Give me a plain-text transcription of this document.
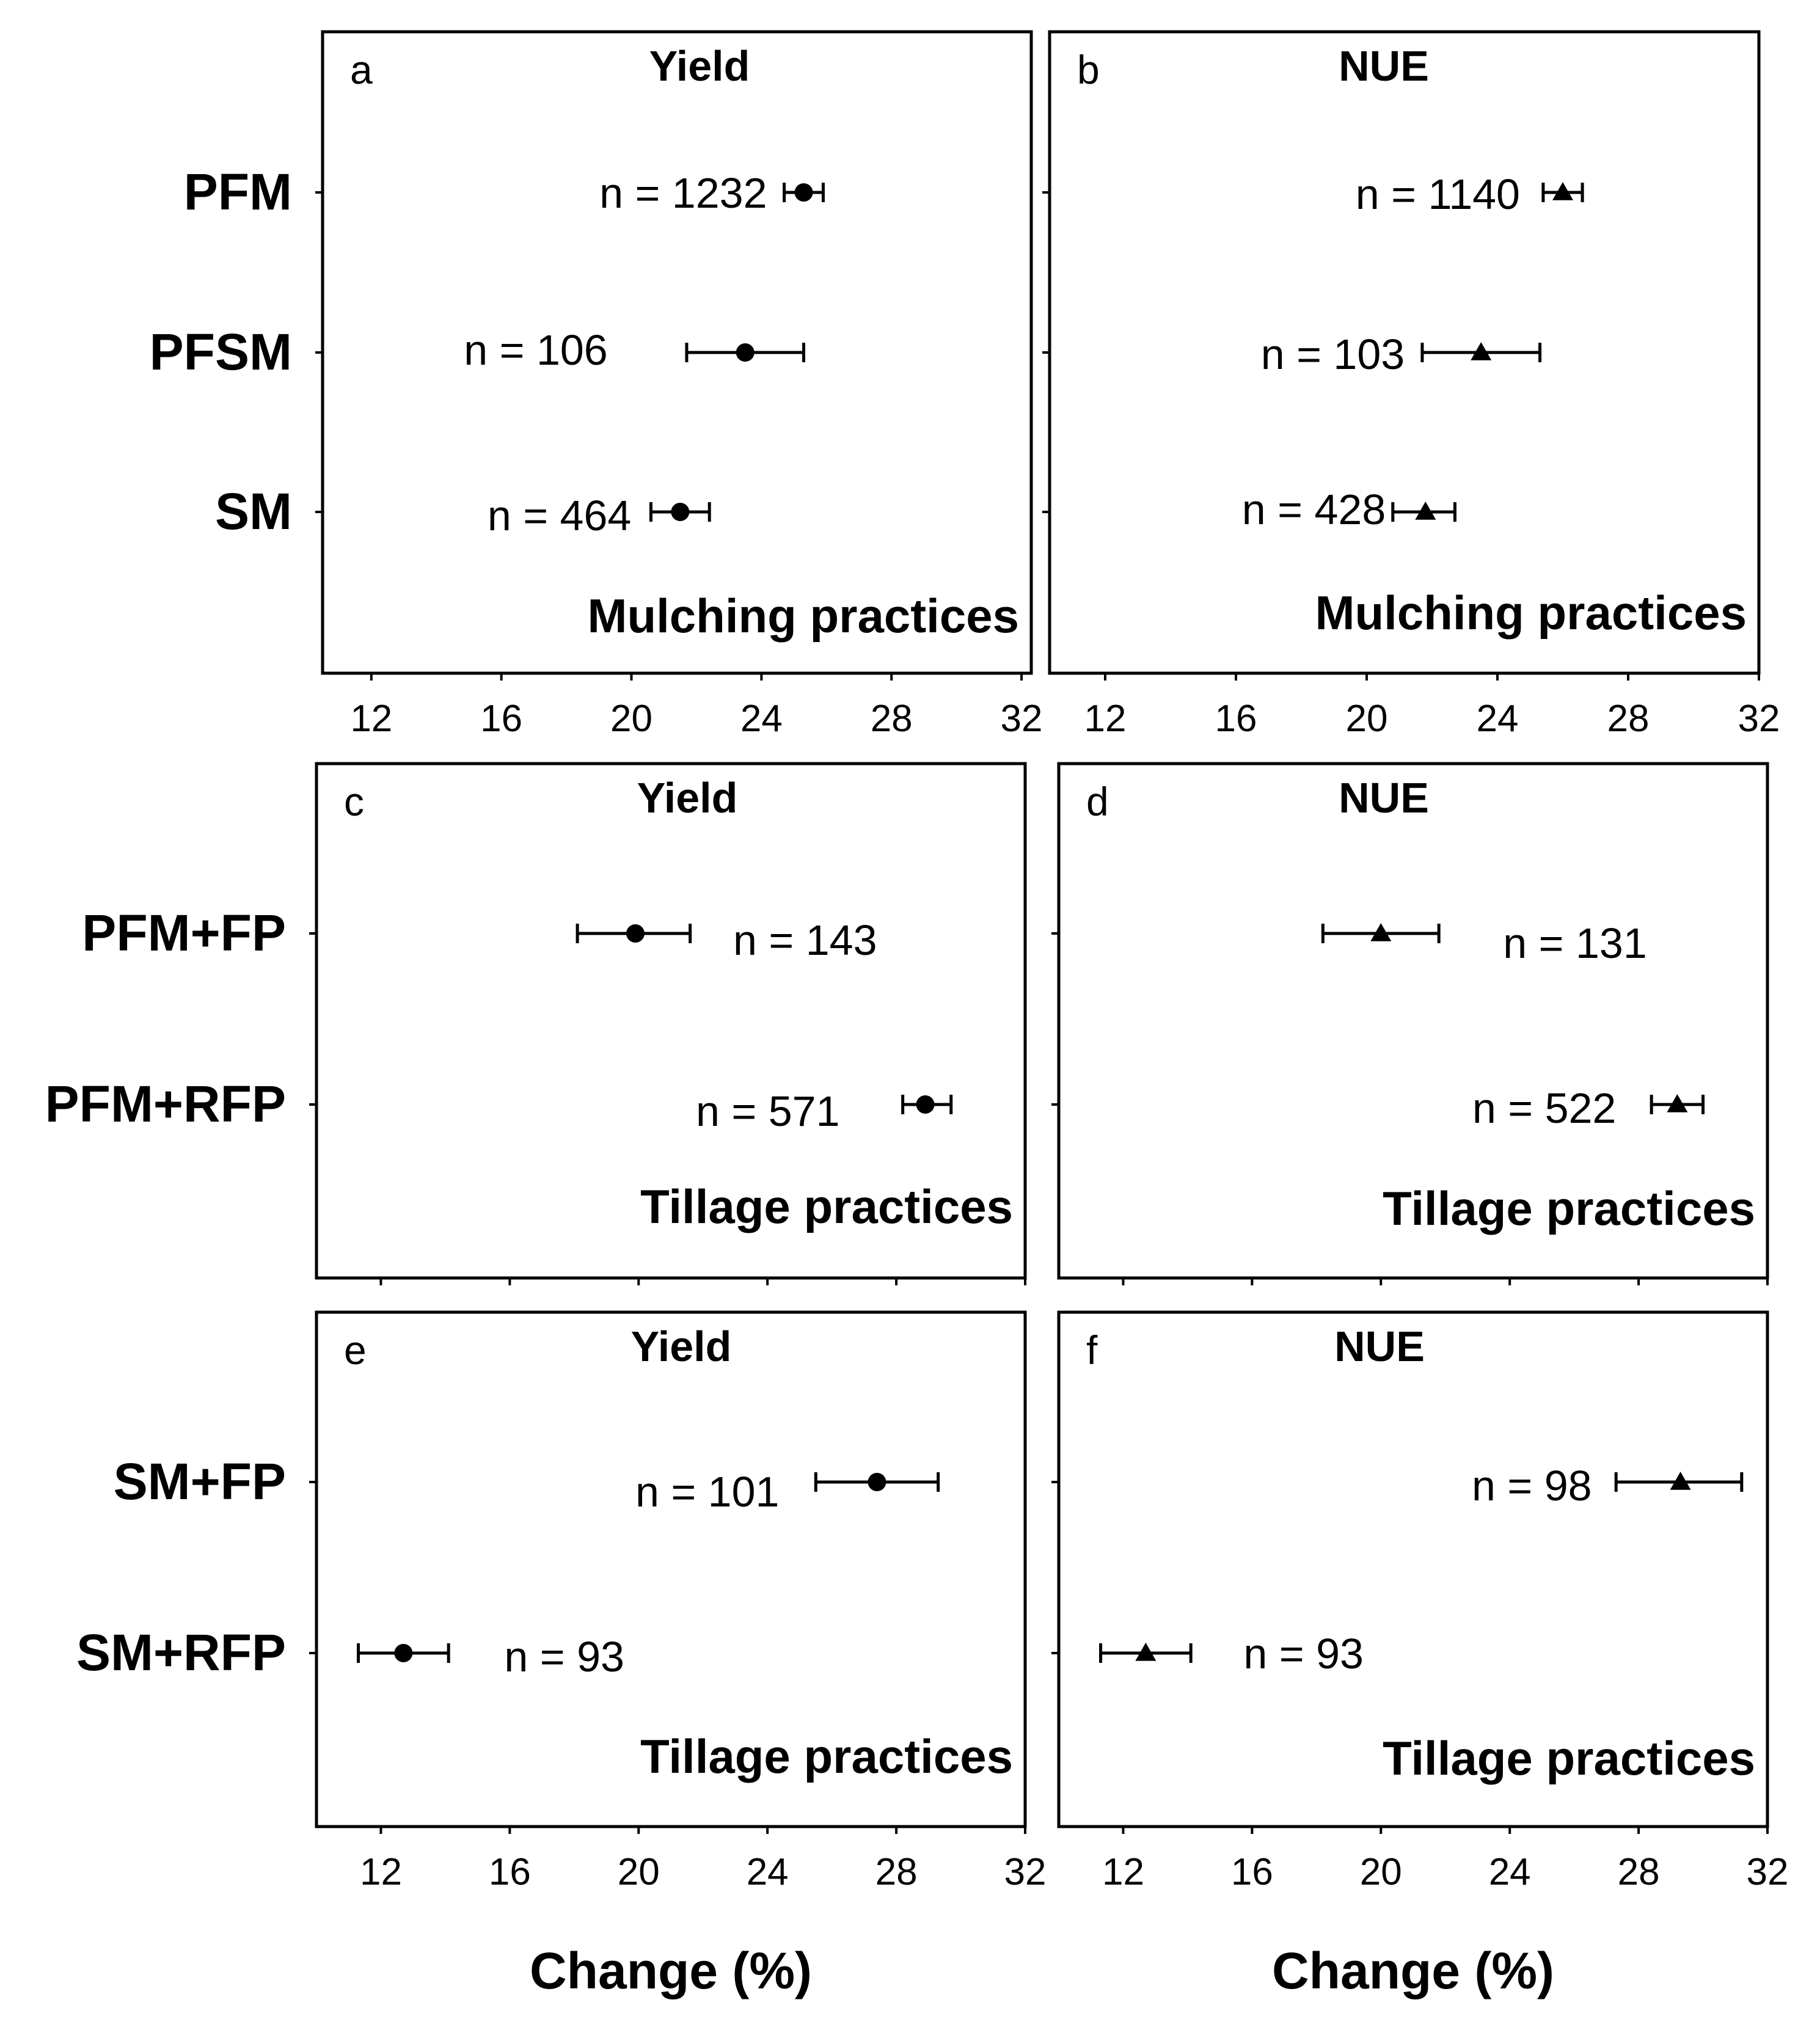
12 16 20 24 28 32
PFM
PFSM
SM
a	Yield
Mulching practices
n = 1232
n = 106
n = 464
12 16 20 24 28 32
b	NUE
Mulching practices
n = 1140
n = 103
n = 428
PFM+FP
PFM+RFP
c	Yield
Tillage practices
n = 143
n = 571
d	NUE
Tillage practices
n = 131
n = 522
12 16 20 24 28 32
SM+FP
SM+RFP
e	Yield
Tillage practices
n = 101
n = 93
Change (%)
12 16 20 24 28 32
f	NUE
Tillage practices
n = 98
n = 93
Change (%)
